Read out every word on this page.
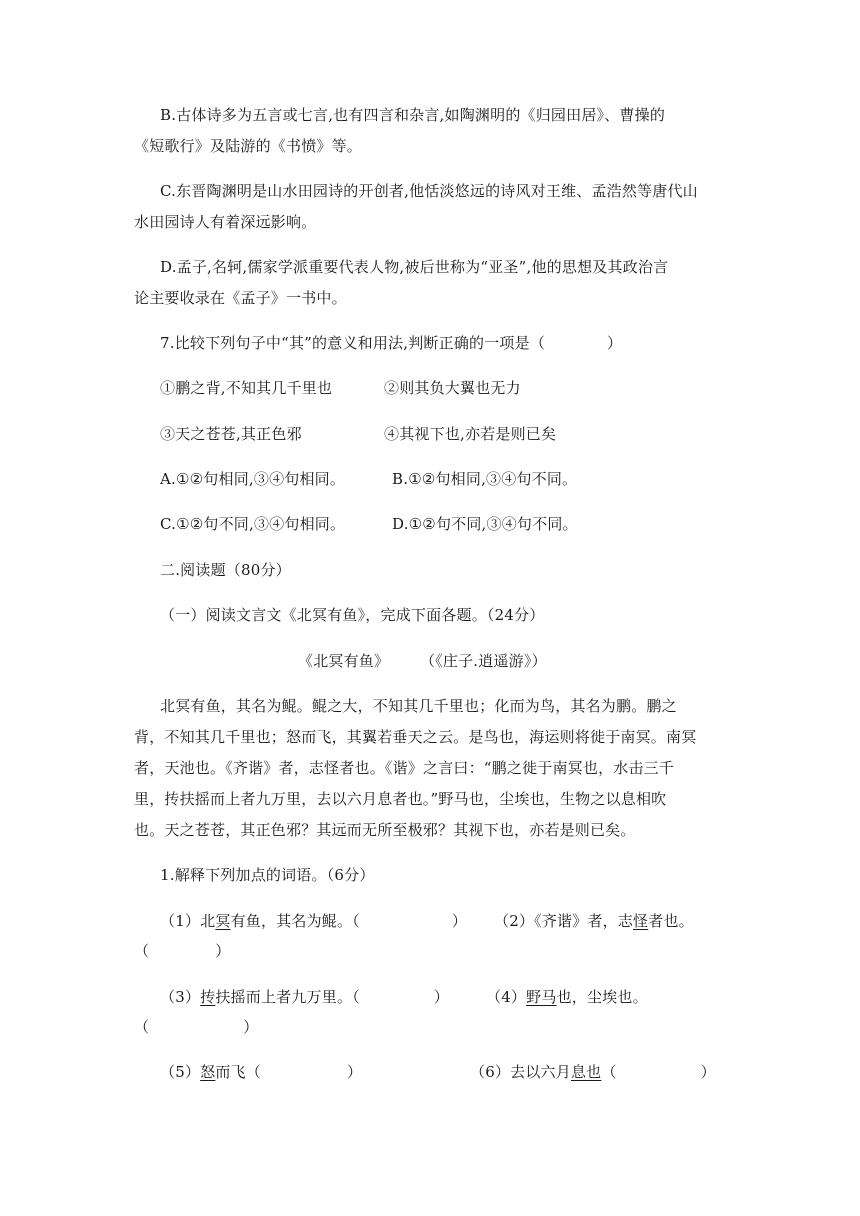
B.古体诗多为五言或七言,也有四言和杂言,如陶渊明的《归园田居》、曹操的
《短歌行》及陆游的《书愤》等。
C.东晋陶渊明是山水田园诗的开创者,他恬淡悠远的诗风对王维、孟浩然等唐代山
水田园诗人有着深远影响。
D.孟子,名轲,儒家学派重要代表人物,被后世称为“亚圣”,他的思想及其政治言
论主要收录在《孟子》一书中。
7.比较下列句子中“其”的意义和用法,判断正确的一项是（	）
①鹏之背,不知其几千里也	②则其负大翼也无力
③天之苍苍,其正色邪	④其视下也,亦若是则已矣
A.①②句相同,③④句相同。	B.①②句相同,③④句不同。
C.①②句不同,③④句相同。	D.①②句不同,③④句不同。
二.阅读题（80分）
（一）阅读文言文《北冥有鱼》，完成下面各题。（24分）
《北冥有鱼》 （《庄子.逍遥游》）
北冥有鱼，其名为鲲。鲲之大，不知其几千里也；化而为鸟，其名为鹏。鹏之
背，不知其几千里也；怒而飞，其翼若垂天之云。是鸟也，海运则将徙于南冥。南冥
者，天池也。《齐谐》者，志怪者也。《谐》之言曰：“鹏之徙于南冥也，水击三千
里，抟扶摇而上者九万里，去以六月息者也。”野马也，尘埃也，生物之以息相吹
也。天之苍苍，其正色邪？其远而无所至极邪？其视下也，亦若是则已矣。
1.解释下列加点的词语。（6分）
（1）北冥有鱼，其名为鲲。（	） （2）《齐谐》者，志怪者也。
（	）
（3）抟扶摇而上者九万里。（	） （4）野马也，尘埃也。
（	）
（5）怒而飞（	）	（6）去以六月息也（	）
